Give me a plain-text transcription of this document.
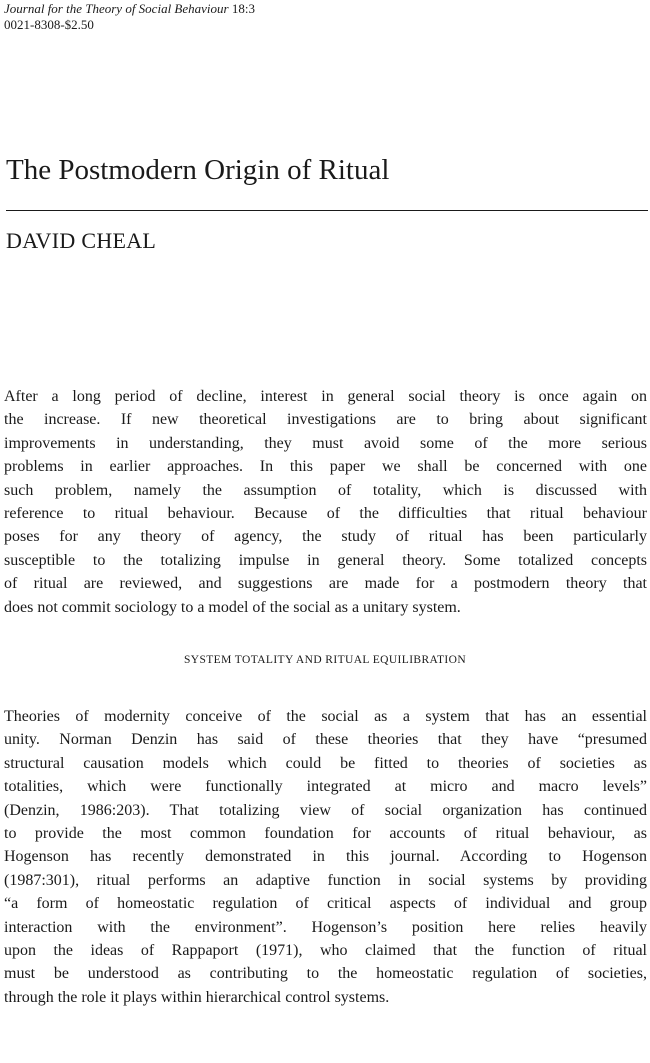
Journal for the Theory of Social Behaviour 18:3
0021-8308-$2.50
The Postmodern Origin of Ritual
DAVID CHEAL
After a long period of decline, interest in general social theory is once again on
the increase. If new theoretical investigations are to bring about significant
improvements in understanding, they must avoid some of the more serious
problems in earlier approaches. In this paper we shall be concerned with one
such problem, namely the assumption of totality, which is discussed with
reference to ritual behaviour. Because of the difficulties that ritual behaviour
poses for any theory of agency, the study of ritual has been particularly
susceptible to the totalizing impulse in general theory. Some totalized concepts
of ritual are reviewed, and suggestions are made for a postmodern theory that
does not commit sociology to a model of the social as a unitary system.
SYSTEM TOTALITY AND RITUAL EQUILIBRATION
Theories of modernity conceive of the social as a system that has an essential
unity. Norman Denzin has said of these theories that they have “presumed
structural causation models which could be fitted to theories of societies as
totalities, which were functionally integrated at micro and macro levels”
(Denzin, 1986:203). That totalizing view of social organization has continued
to provide the most common foundation for accounts of ritual behaviour, as
Hogenson has recently demonstrated in this journal. According to Hogenson
(1987:301), ritual performs an adaptive function in social systems by providing
“a form of homeostatic regulation of critical aspects of individual and group
interaction with the environment”. Hogenson’s position here relies heavily
upon the ideas of Rappaport (1971), who claimed that the function of ritual
must be understood as contributing to the homeostatic regulation of societies,
through the role it plays within hierarchical control systems.
